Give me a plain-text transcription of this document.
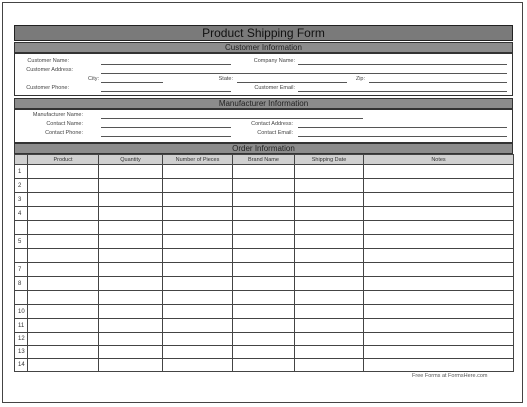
Product Shipping Form
Customer Information
Customer Name:	Company Name:
Customer Address:
City:	State:	Zip:
Customer Phone:	Customer Email:
Manufacturer Information
Manufacturer Name:
Contact Name:	Contact Address:
Contact Phone:	Contact Email:
Order Information
	Product	Quantity	Number of Pieces	Brand Name	Shipping Date	Notes
1						
2						
3						
4						

5						

7						
8						

10						
11						
12						
13						
14						
Free Forms at FormsHere.com
